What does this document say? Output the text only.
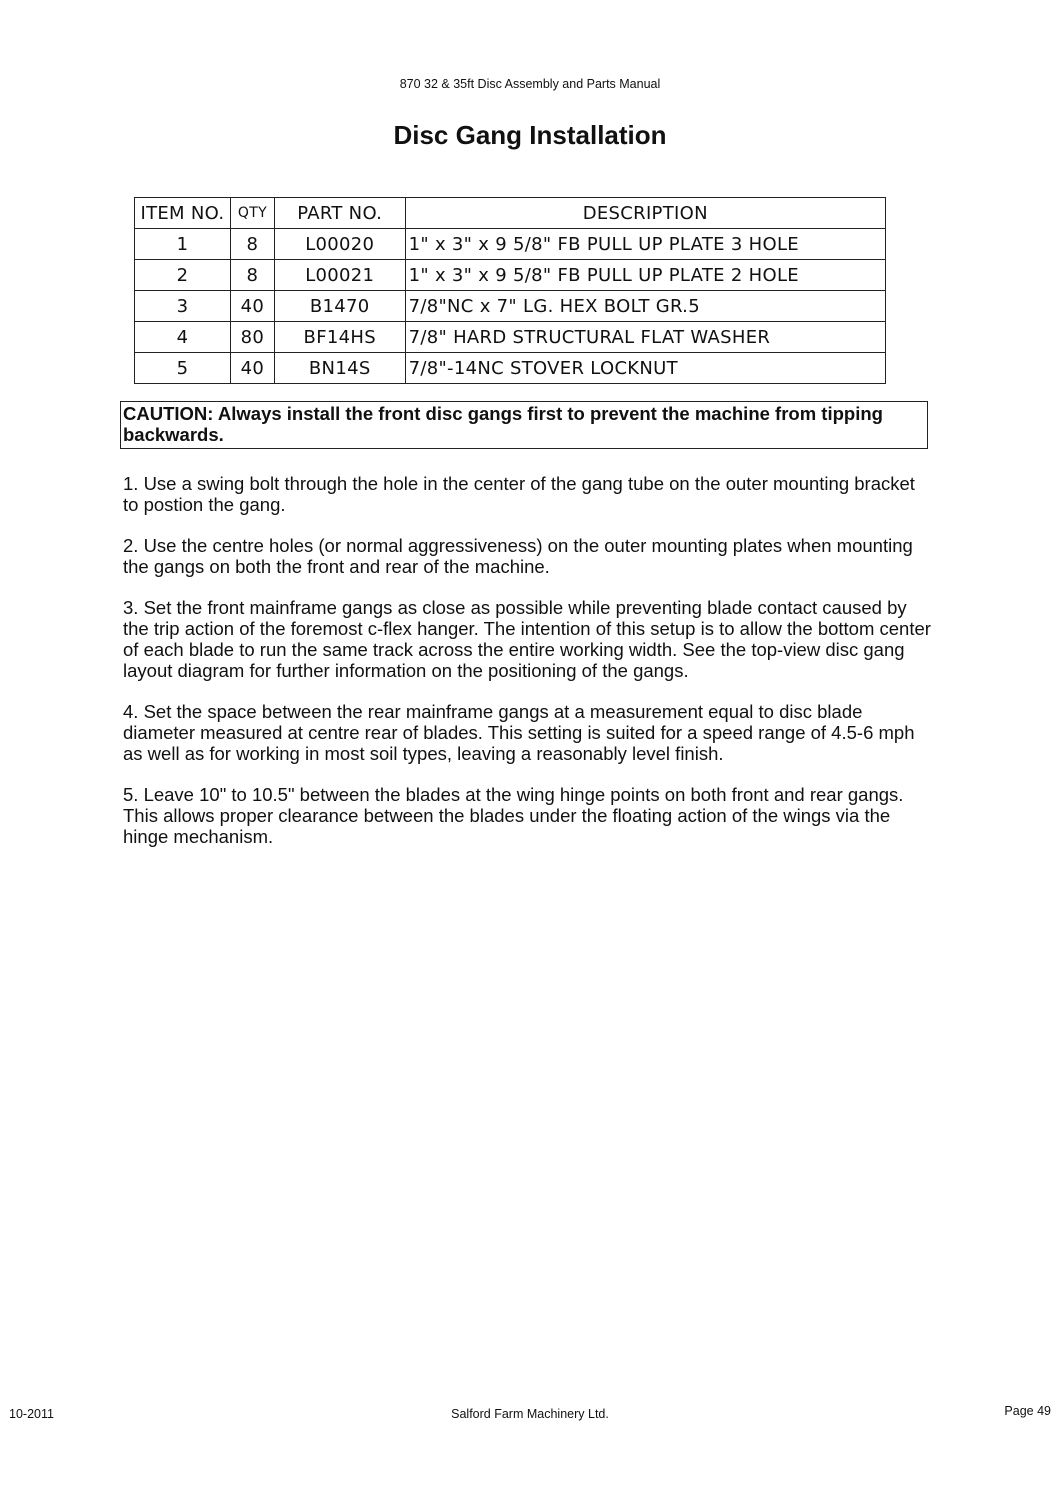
870 32 & 35ft Disc Assembly and Parts Manual
Disc Gang Installation
ITEM NO.	QTY	PART NO.	DESCRIPTION
1	8	L00020	1" x 3" x 9 5/8" FB PULL UP PLATE 3 HOLE
2	8	L00021	1" x 3" x 9 5/8" FB PULL UP PLATE 2 HOLE
3	40	B1470	7/8"NC x 7" LG. HEX BOLT GR.5
4	80	BF14HS	7/8" HARD STRUCTURAL FLAT WASHER
5	40	BN14S	7/8"-14NC STOVER LOCKNUT
CAUTION: Always install the front disc gangs first to prevent the machine from tipping backwards.

1. Use a swing bolt through the hole in the center of the gang tube on the outer mounting bracket to postion the gang.

2. Use the centre holes (or normal aggressiveness) on the outer mounting plates when mounting the gangs on both the front and rear of the machine.

3. Set the front mainframe gangs as close as possible while preventing blade contact caused by the trip action of the foremost c-flex hanger. The intention of this setup is to allow the bottom center of each blade to run the same track across the entire working width. See the top-view disc gang layout diagram for further information on the positioning of the gangs.

4. Set the space between the rear mainframe gangs at a measurement equal to disc blade diameter measured at centre rear of blades. This setting is suited for a speed range of 4.5-6 mph as well as for working in most soil types, leaving a reasonably level finish.

5. Leave 10" to 10.5" between the blades at the wing hinge points on both front and rear gangs. This allows proper clearance between the blades under the floating action of the wings via the hinge mechanism.

10-2011	Salford Farm Machinery Ltd.	Page 49
